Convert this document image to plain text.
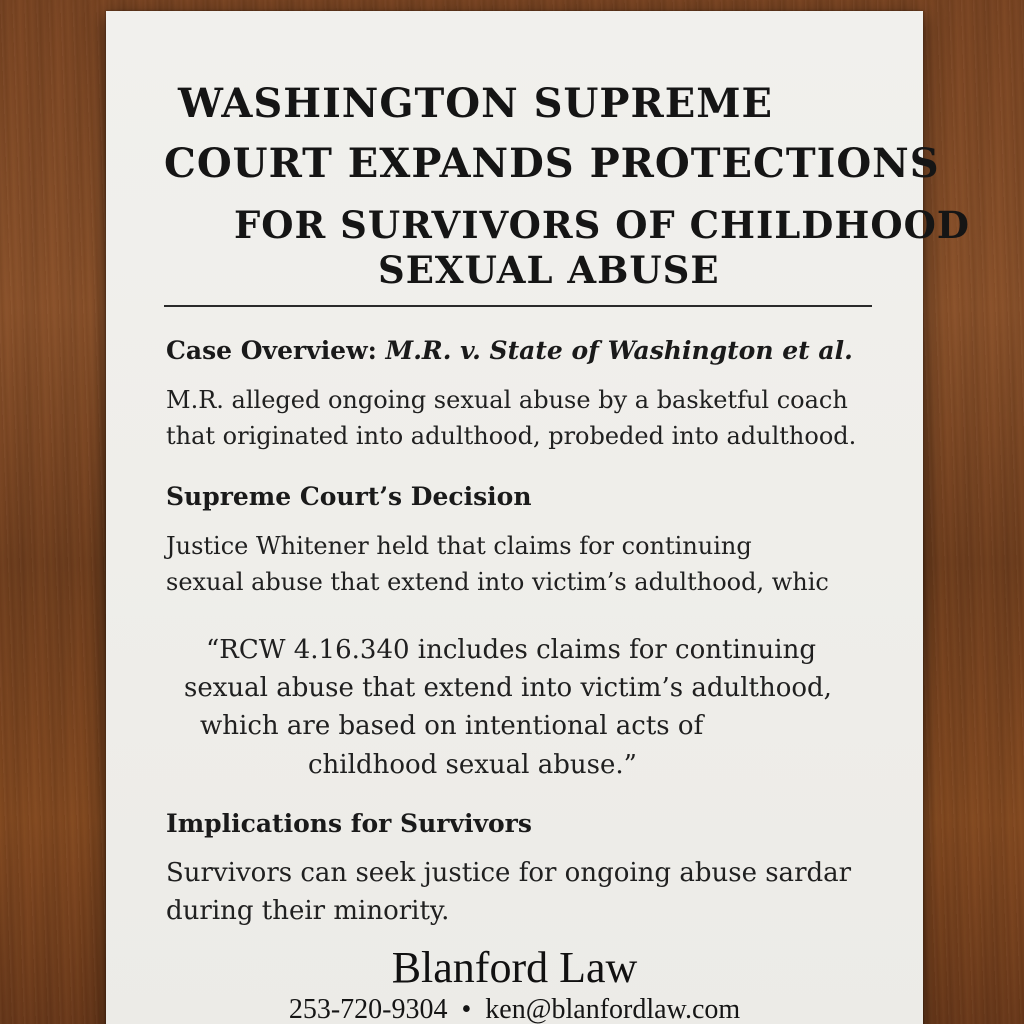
WASHINGTON SUPREME
COURT EXPANDS PROTECTIONS
FOR SURVIVORS OF CHILDHOOD
SEXUAL ABUSE
Case Overview: M.R. v. State of Washington et al.

M.R. alleged ongoing sexual abuse by a basketful coach

that originated into adulthood, probeded into adulthood.

Supreme Court’s Decision

Justice Whitener held that claims for continuing

sexual abuse that extend into victim’s adulthood, whic

“RCW 4.16.340 includes claims for continuing

sexual abuse that extend into victim’s adulthood,

which are based on intentional acts of

childhood sexual abuse.”

Implications for Survivors

Survivors can seek justice for ongoing abuse sardar

during their minority.

Blanford Law

253-720-9304 • ken@blanfordlaw.com
